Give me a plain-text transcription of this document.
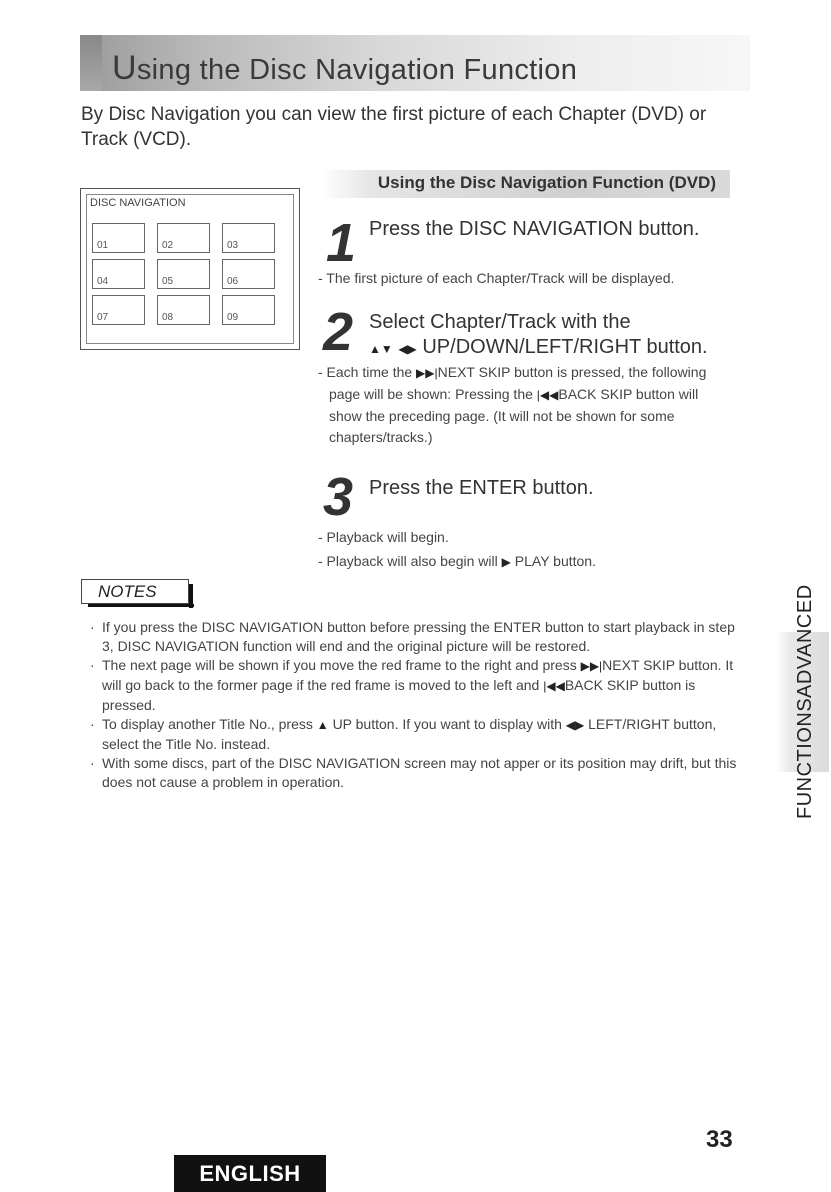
Using the Disc Navigation Function
By Disc Navigation you can view the first picture of each Chapter (DVD) or Track (VCD).
Using the Disc Navigation Function (DVD)
DISC NAVIGATION
01	02	03
04	05	06
07	08	09
1 Press the DISC NAVIGATION button.
- The first picture of each Chapter/Track will be displayed.
2 Select Chapter/Track with the
▲▼ ◀▶ UP/DOWN/LEFT/RIGHT button.
- Each time the ▶▶|NEXT SKIP button is pressed, the following page will be shown: Pressing the |◀◀BACK SKIP button will show the preceding page. (It will not be shown for some chapters/tracks.)
3 Press the ENTER button.
- Playback will begin.
- Playback will also begin will ▶ PLAY button.
NOTES
· If you press the DISC NAVIGATION button before pressing the ENTER button to start playback in step 3, DISC NAVIGATION function will end and the original picture will be restored.
· The next page will be shown if you move the red frame to the right and press ▶▶|NEXT SKIP button. It will go back to the former page if the red frame is moved to the left and |◀◀BACK SKIP button is pressed.
· To display another Title No., press ▲ UP button. If you want to display with ◀▶ LEFT/RIGHT button, select the Title No. instead.
· With some discs, part of the DISC NAVIGATION screen may not apper or its position may drift, but this does not cause a problem in operation.	FUNCTIONS
ADVANCED
33
ENGLISH
